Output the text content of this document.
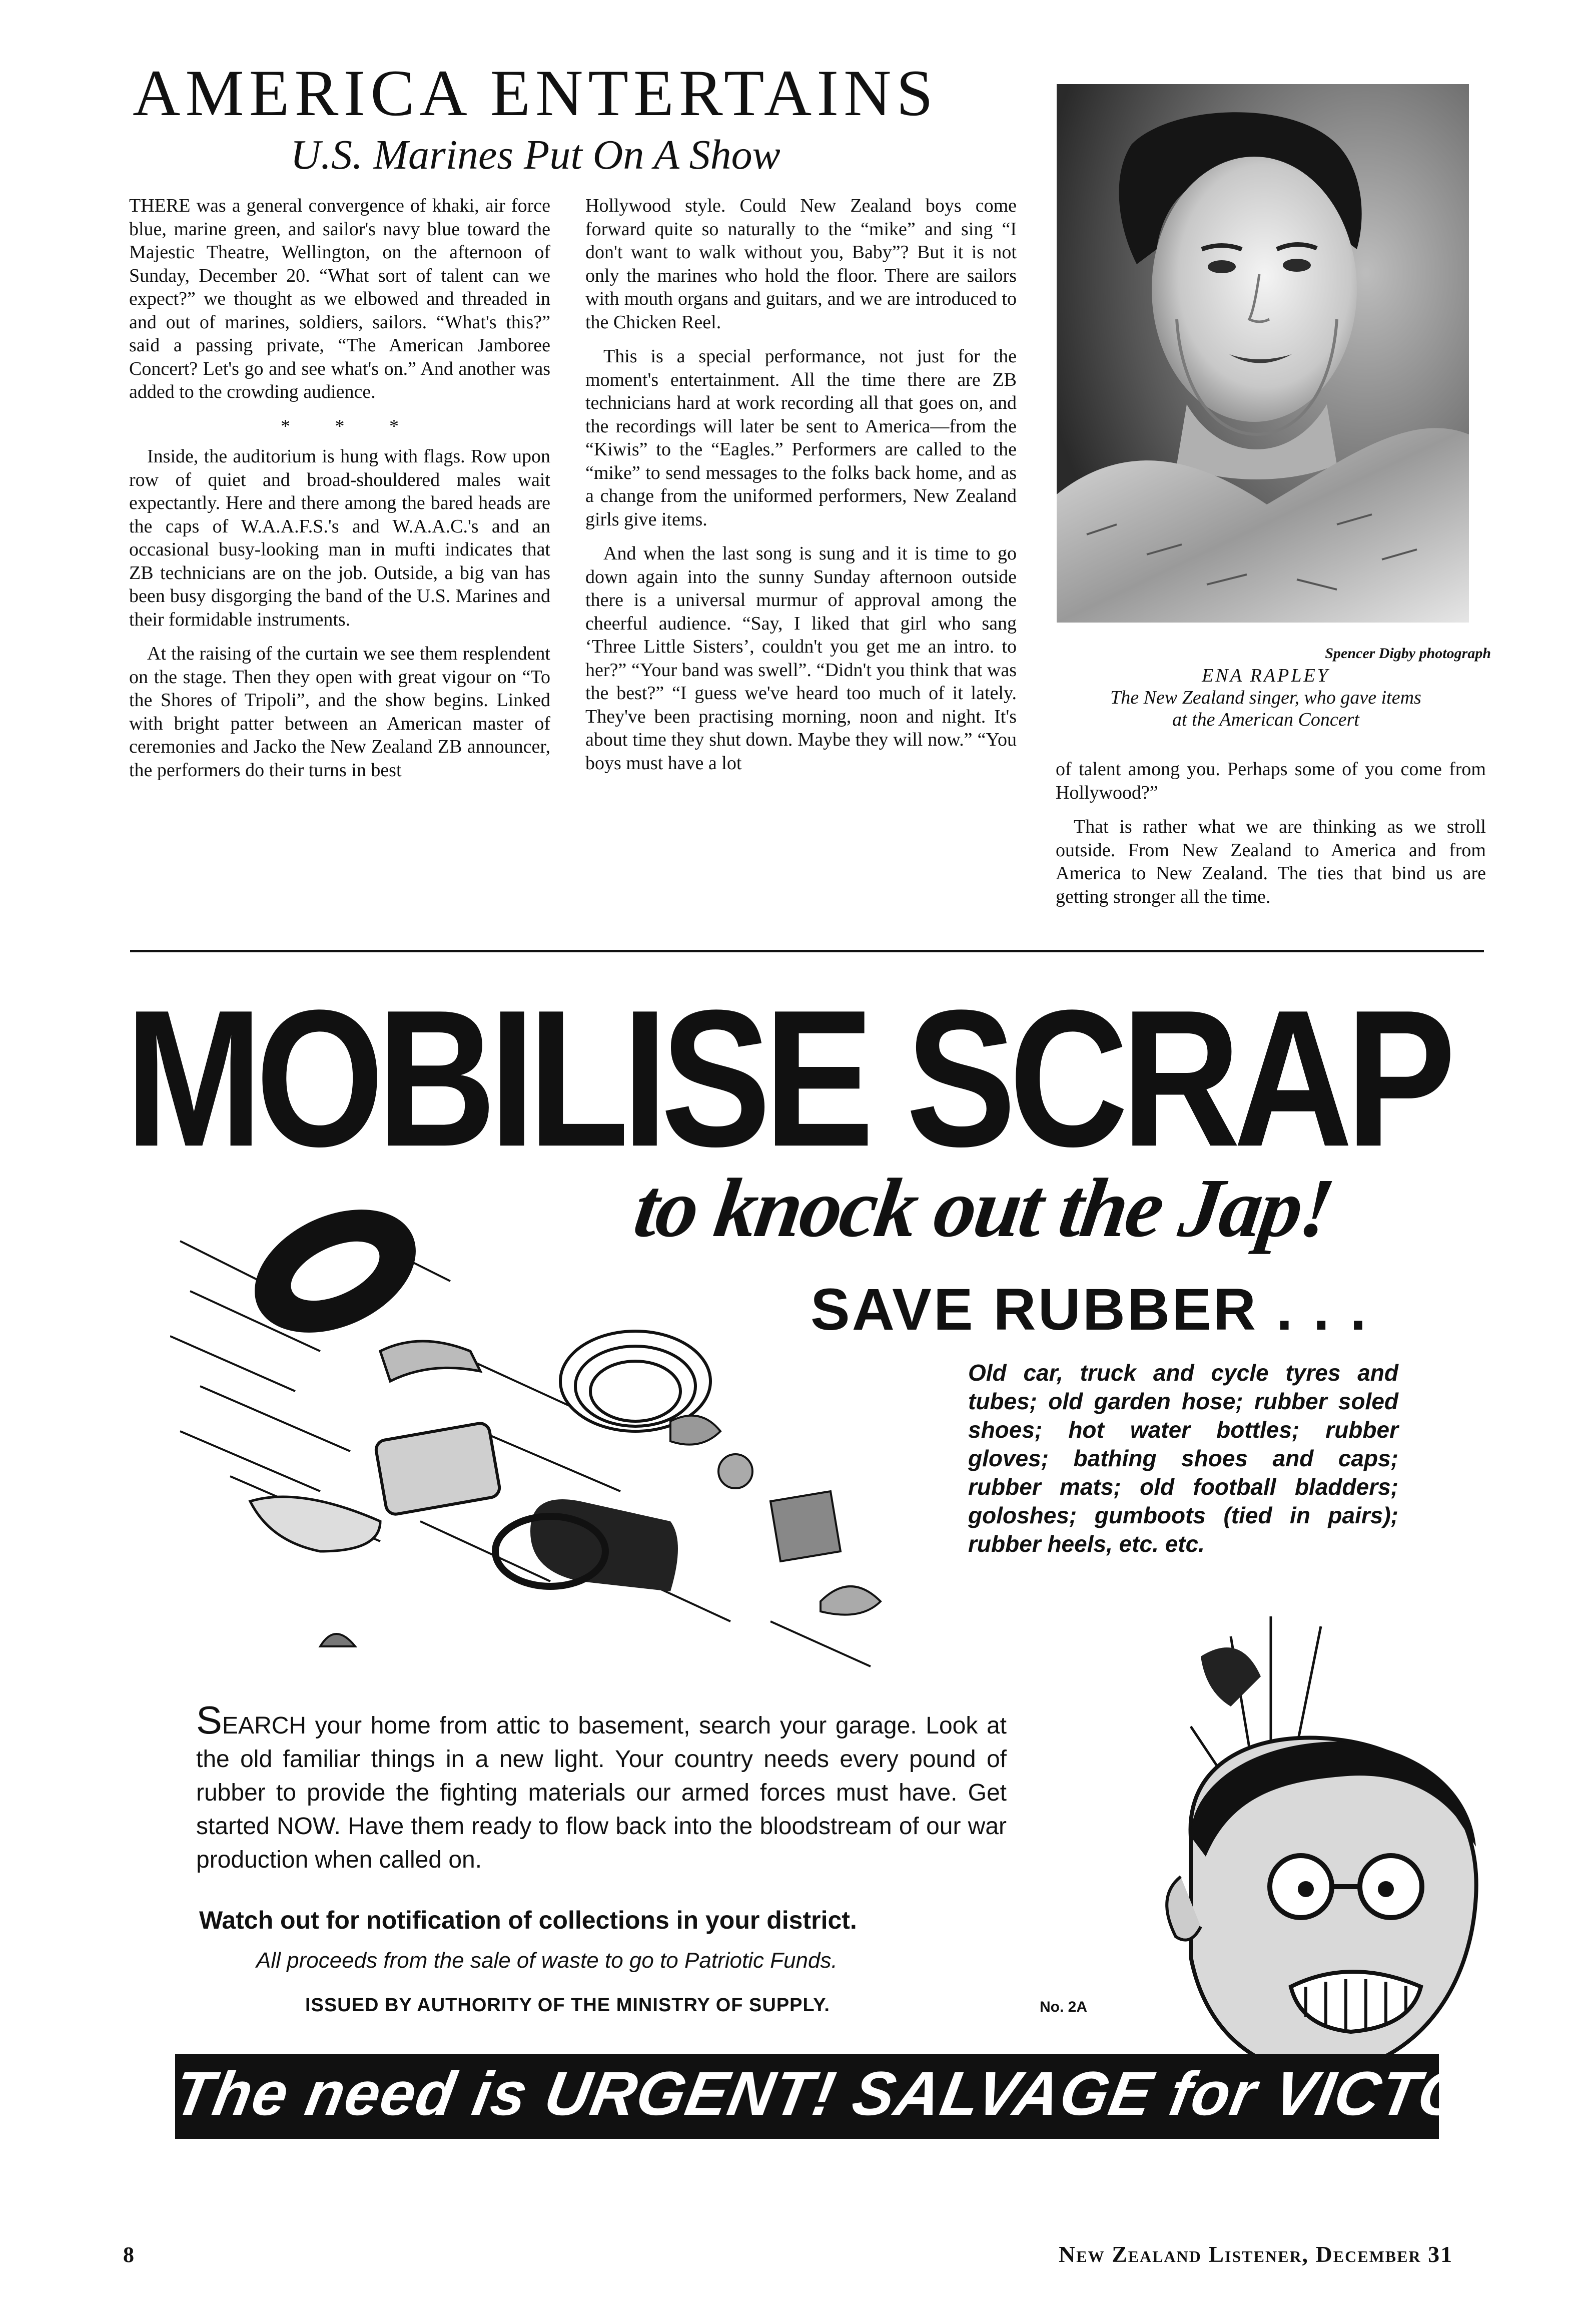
AMERICA ENTERTAINS
U.S. Marines Put On A Show

THERE was a general convergence of khaki, air force blue, marine green, and sailor's navy blue toward the Majestic Theatre, Wellington, on the afternoon of Sunday, December 20. “What sort of talent can we expect?” we thought as we elbowed and threaded in and out of marines, soldiers, sailors. “What's this?” said a passing private, “The American Jamboree Concert? Let's go and see what's on.” And another was added to the crowding audience.

* * *

Inside, the auditorium is hung with flags. Row upon row of quiet and broad-shouldered males wait expectantly. Here and there among the bared heads are the caps of W.A.A.F.S.'s and W.A.A.C.'s and an occasional busy-looking man in mufti indicates that ZB technicians are on the job. Outside, a big van has been busy disgorging the band of the U.S. Marines and their formidable instruments.

At the raising of the curtain we see them resplendent on the stage. Then they open with great vigour on “To the Shores of Tripoli”, and the show begins. Linked with bright patter between an American master of ceremonies and Jacko the New Zealand ZB announcer, the performers do their turns in best

Hollywood style. Could New Zealand boys come forward quite so naturally to the “mike” and sing “I don't want to walk without you, Baby”? But it is not only the marines who hold the floor. There are sailors with mouth organs and guitars, and we are introduced to the Chicken Reel.

This is a special performance, not just for the moment's entertainment. All the time there are ZB technicians hard at work recording all that goes on, and the recordings will later be sent to America—from the “Kiwis” to the “Eagles.” Performers are called to the “mike” to send messages to the folks back home, and as a change from the uniformed performers, New Zealand girls give items.

And when the last song is sung and it is time to go down again into the sunny Sunday afternoon outside there is a universal murmur of approval among the cheerful audience. “Say, I liked that girl who sang ‘Three Little Sisters’, couldn't you get me an intro. to her?” “Your band was swell”. “Didn't you think that was the best?” “I guess we've heard too much of it lately. They've been practising morning, noon and night. It's about time they shut down. Maybe they will now.” “You boys must have a lot

Spencer Digby photograph
ENA RAPLEY
The New Zealand singer, who gave items
at the American Concert

of talent among you. Perhaps some of you come from Hollywood?”

That is rather what we are thinking as we stroll outside. From New Zealand to America and from America to New Zealand. The ties that bind us are getting stronger all the time.

MOBILISE SCRAP
to knock out the Jap!
SAVE RUBBER . . .
Old car, truck and cycle tyres and tubes; old garden hose; rubber soled shoes; hot water bottles; rubber gloves; bathing shoes and caps; rubber mats; old football bladders; goloshes; gumboots (tied in pairs); rubber heels, etc. etc.
SEARCH your home from attic to basement, search your garage. Look at the old familiar things in a new light. Your country needs every pound of rubber to provide the fighting materials our armed forces must have. Get started NOW. Have them ready to flow back into the bloodstream of our war production when called on.
Watch out for notification of collections in your district.
All proceeds from the sale of waste to go to Patriotic Funds.
ISSUED BY AUTHORITY OF THE MINISTRY OF SUPPLY.	No. 2A
The need is URGENT! SALVAGE for VICTORY!
8	New Zealand Listener, December 31
